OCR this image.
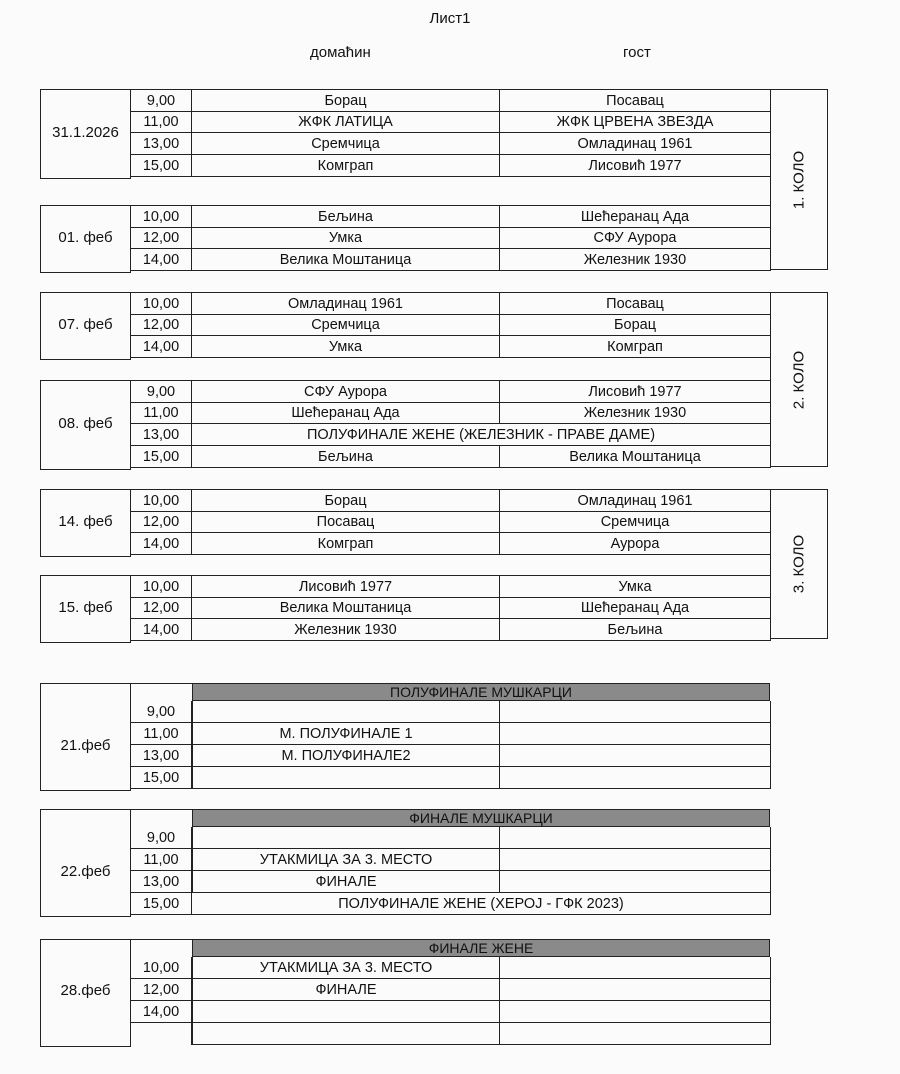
Лист1
домаћин	гост
1. КОЛО
31.1.2026
9,00	Борац	Посавац
11,00	ЖФК ЛАТИЦА	ЖФК ЦРВЕНА ЗВЕЗДА
13,00	Сремчица	Омладинац 1961
15,00	Комграп	Лисовић 1977
01. феб
10,00	Бељина	Шећеранац Ада
12,00	Умка	СФУ Аурора
14,00	Велика Моштаница	Железник 1930
2. КОЛО
07. феб
10,00	Омладинац 1961	Посавац
12,00	Сремчица	Борац
14,00	Умка	Комграп
08. феб
9,00	СФУ Аурора	Лисовић 1977
11,00	Шећеранац Ада	Железник 1930
13,00	ПОЛУФИНАЛЕ ЖЕНЕ (ЖЕЛЕЗНИК - ПРАВЕ ДАМЕ)
15,00	Бељина	Велика Моштаница
3. КОЛО
14. феб
10,00	Борац	Омладинац 1961
12,00	Посавац	Сремчица
14,00	Комграп	Аурора
15. феб
10,00	Лисовић 1977	Умка
12,00	Велика Моштаница	Шећеранац Ада
14,00	Железник 1930	Бељина
21.феб
ПОЛУФИНАЛЕ МУШКАРЦИ
9,00
11,00	М. ПОЛУФИНАЛЕ 1
13,00	М. ПОЛУФИНАЛЕ2
15,00
22.феб
ФИНАЛЕ МУШКАРЦИ
9,00
11,00	УТАКМИЦА ЗА 3. МЕСТО
13,00	ФИНАЛЕ
15,00	ПОЛУФИНАЛЕ ЖЕНЕ (ХЕРОЈ - ГФК 2023)
28.феб
ФИНАЛЕ ЖЕНЕ
10,00	УТАКМИЦА ЗА 3. МЕСТО
12,00	ФИНАЛЕ
14,00
